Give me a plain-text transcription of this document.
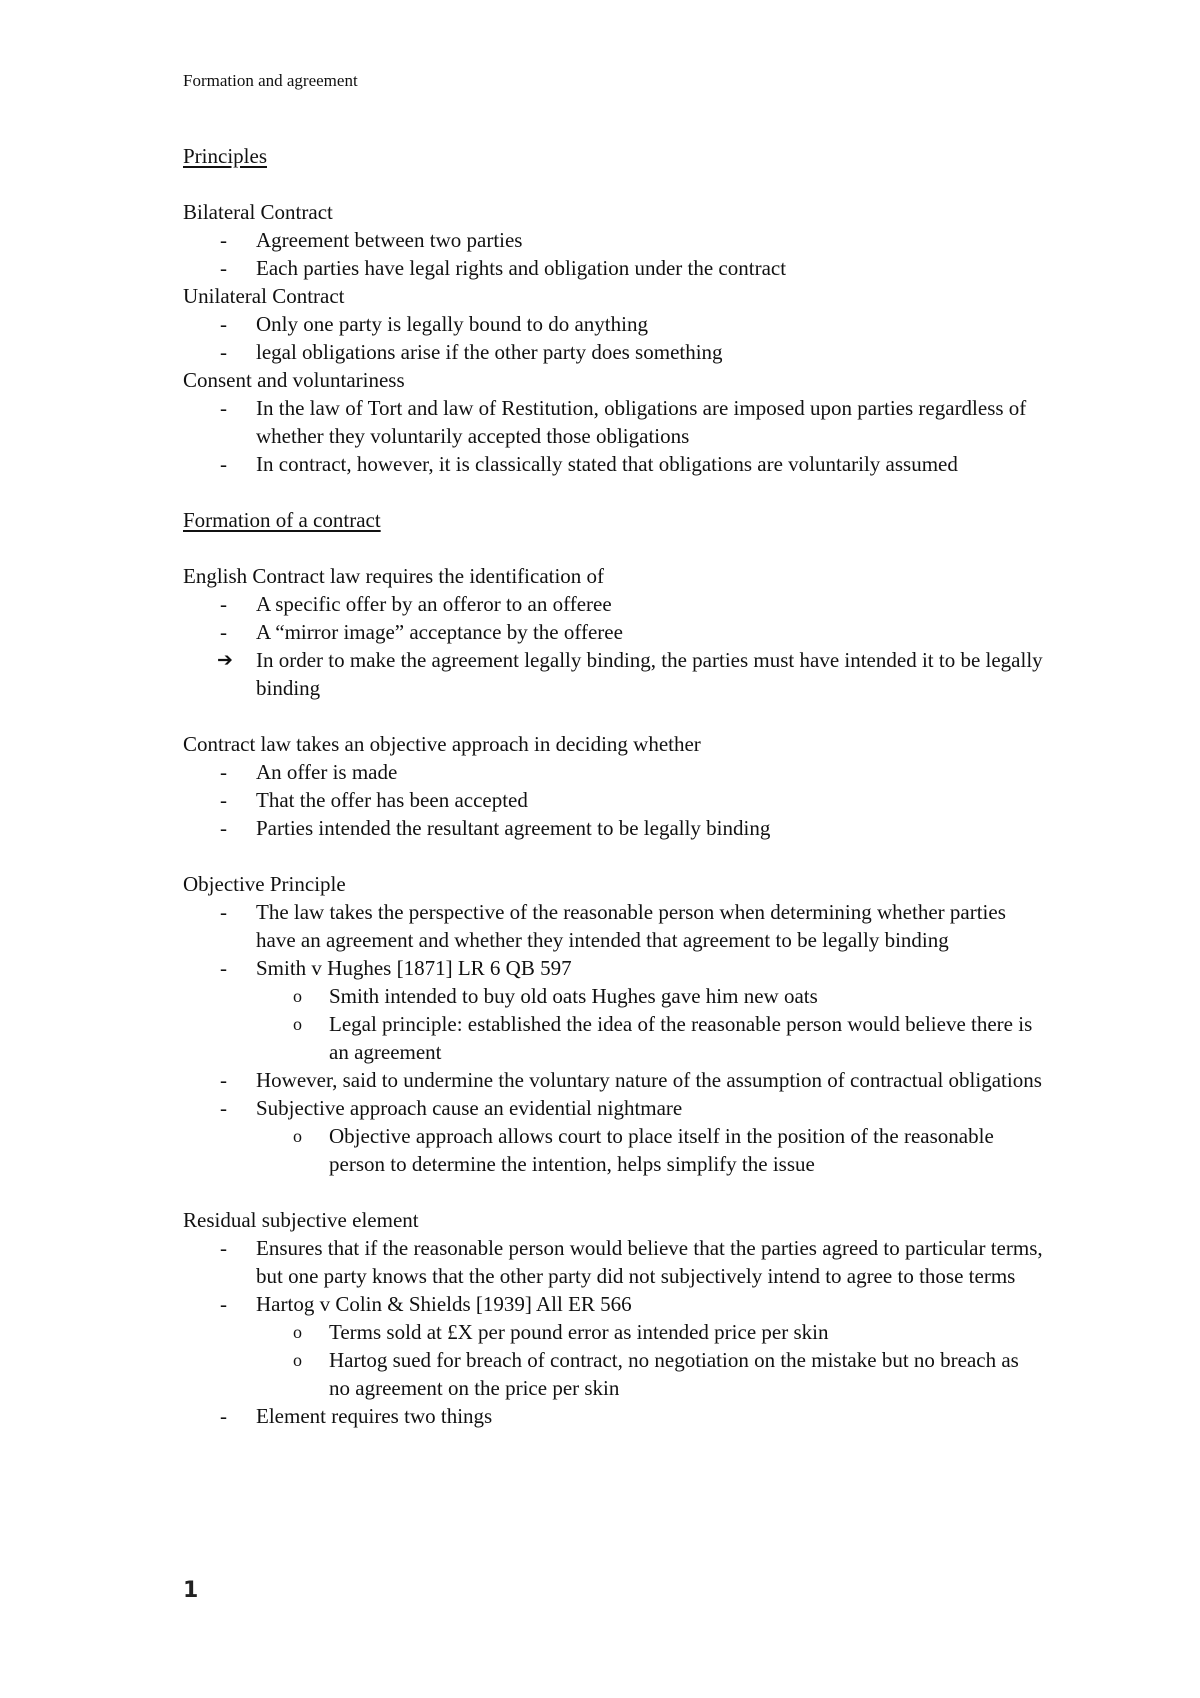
Formation and agreement

Principles

Bilateral Contract

- Agreement between two parties
- Each parties have legal rights and obligation under the contract

Unilateral Contract

- Only one party is legally bound to do anything
- legal obligations arise if the other party does something

Consent and voluntariness

- In the law of Tort and law of Restitution, obligations are imposed upon parties regardless of whether they voluntarily accepted those obligations
- In contract, however, it is classically stated that obligations are voluntarily assumed

Formation of a contract

English Contract law requires the identification of

- A specific offer by an offeror to an offeree
- A “mirror image” acceptance by the offeree
➔ In order to make the agreement legally binding, the parties must have intended it to be legally binding

Contract law takes an objective approach in deciding whether

- An offer is made
- That the offer has been accepted
- Parties intended the resultant agreement to be legally binding

Objective Principle

- The law takes the perspective of the reasonable person when determining whether parties have an agreement and whether they intended that agreement to be legally binding
- Smith v Hughes [1871] LR 6 QB 597
o Smith intended to buy old oats Hughes gave him new oats
o Legal principle: established the idea of the reasonable person would believe there is an agreement
- However, said to undermine the voluntary nature of the assumption of contractual obligations
- Subjective approach cause an evidential nightmare
o Objective approach allows court to place itself in the position of the reasonable person to determine the intention, helps simplify the issue

Residual subjective element

- Ensures that if the reasonable person would believe that the parties agreed to particular terms, but one party knows that the other party did not subjectively intend to agree to those terms
- Hartog v Colin & Shields [1939] All ER 566
o Terms sold at £X per pound error as intended price per skin
o Hartog sued for breach of contract, no negotiation on the mistake but no breach as no agreement on the price per skin
- Element requires two things
1
